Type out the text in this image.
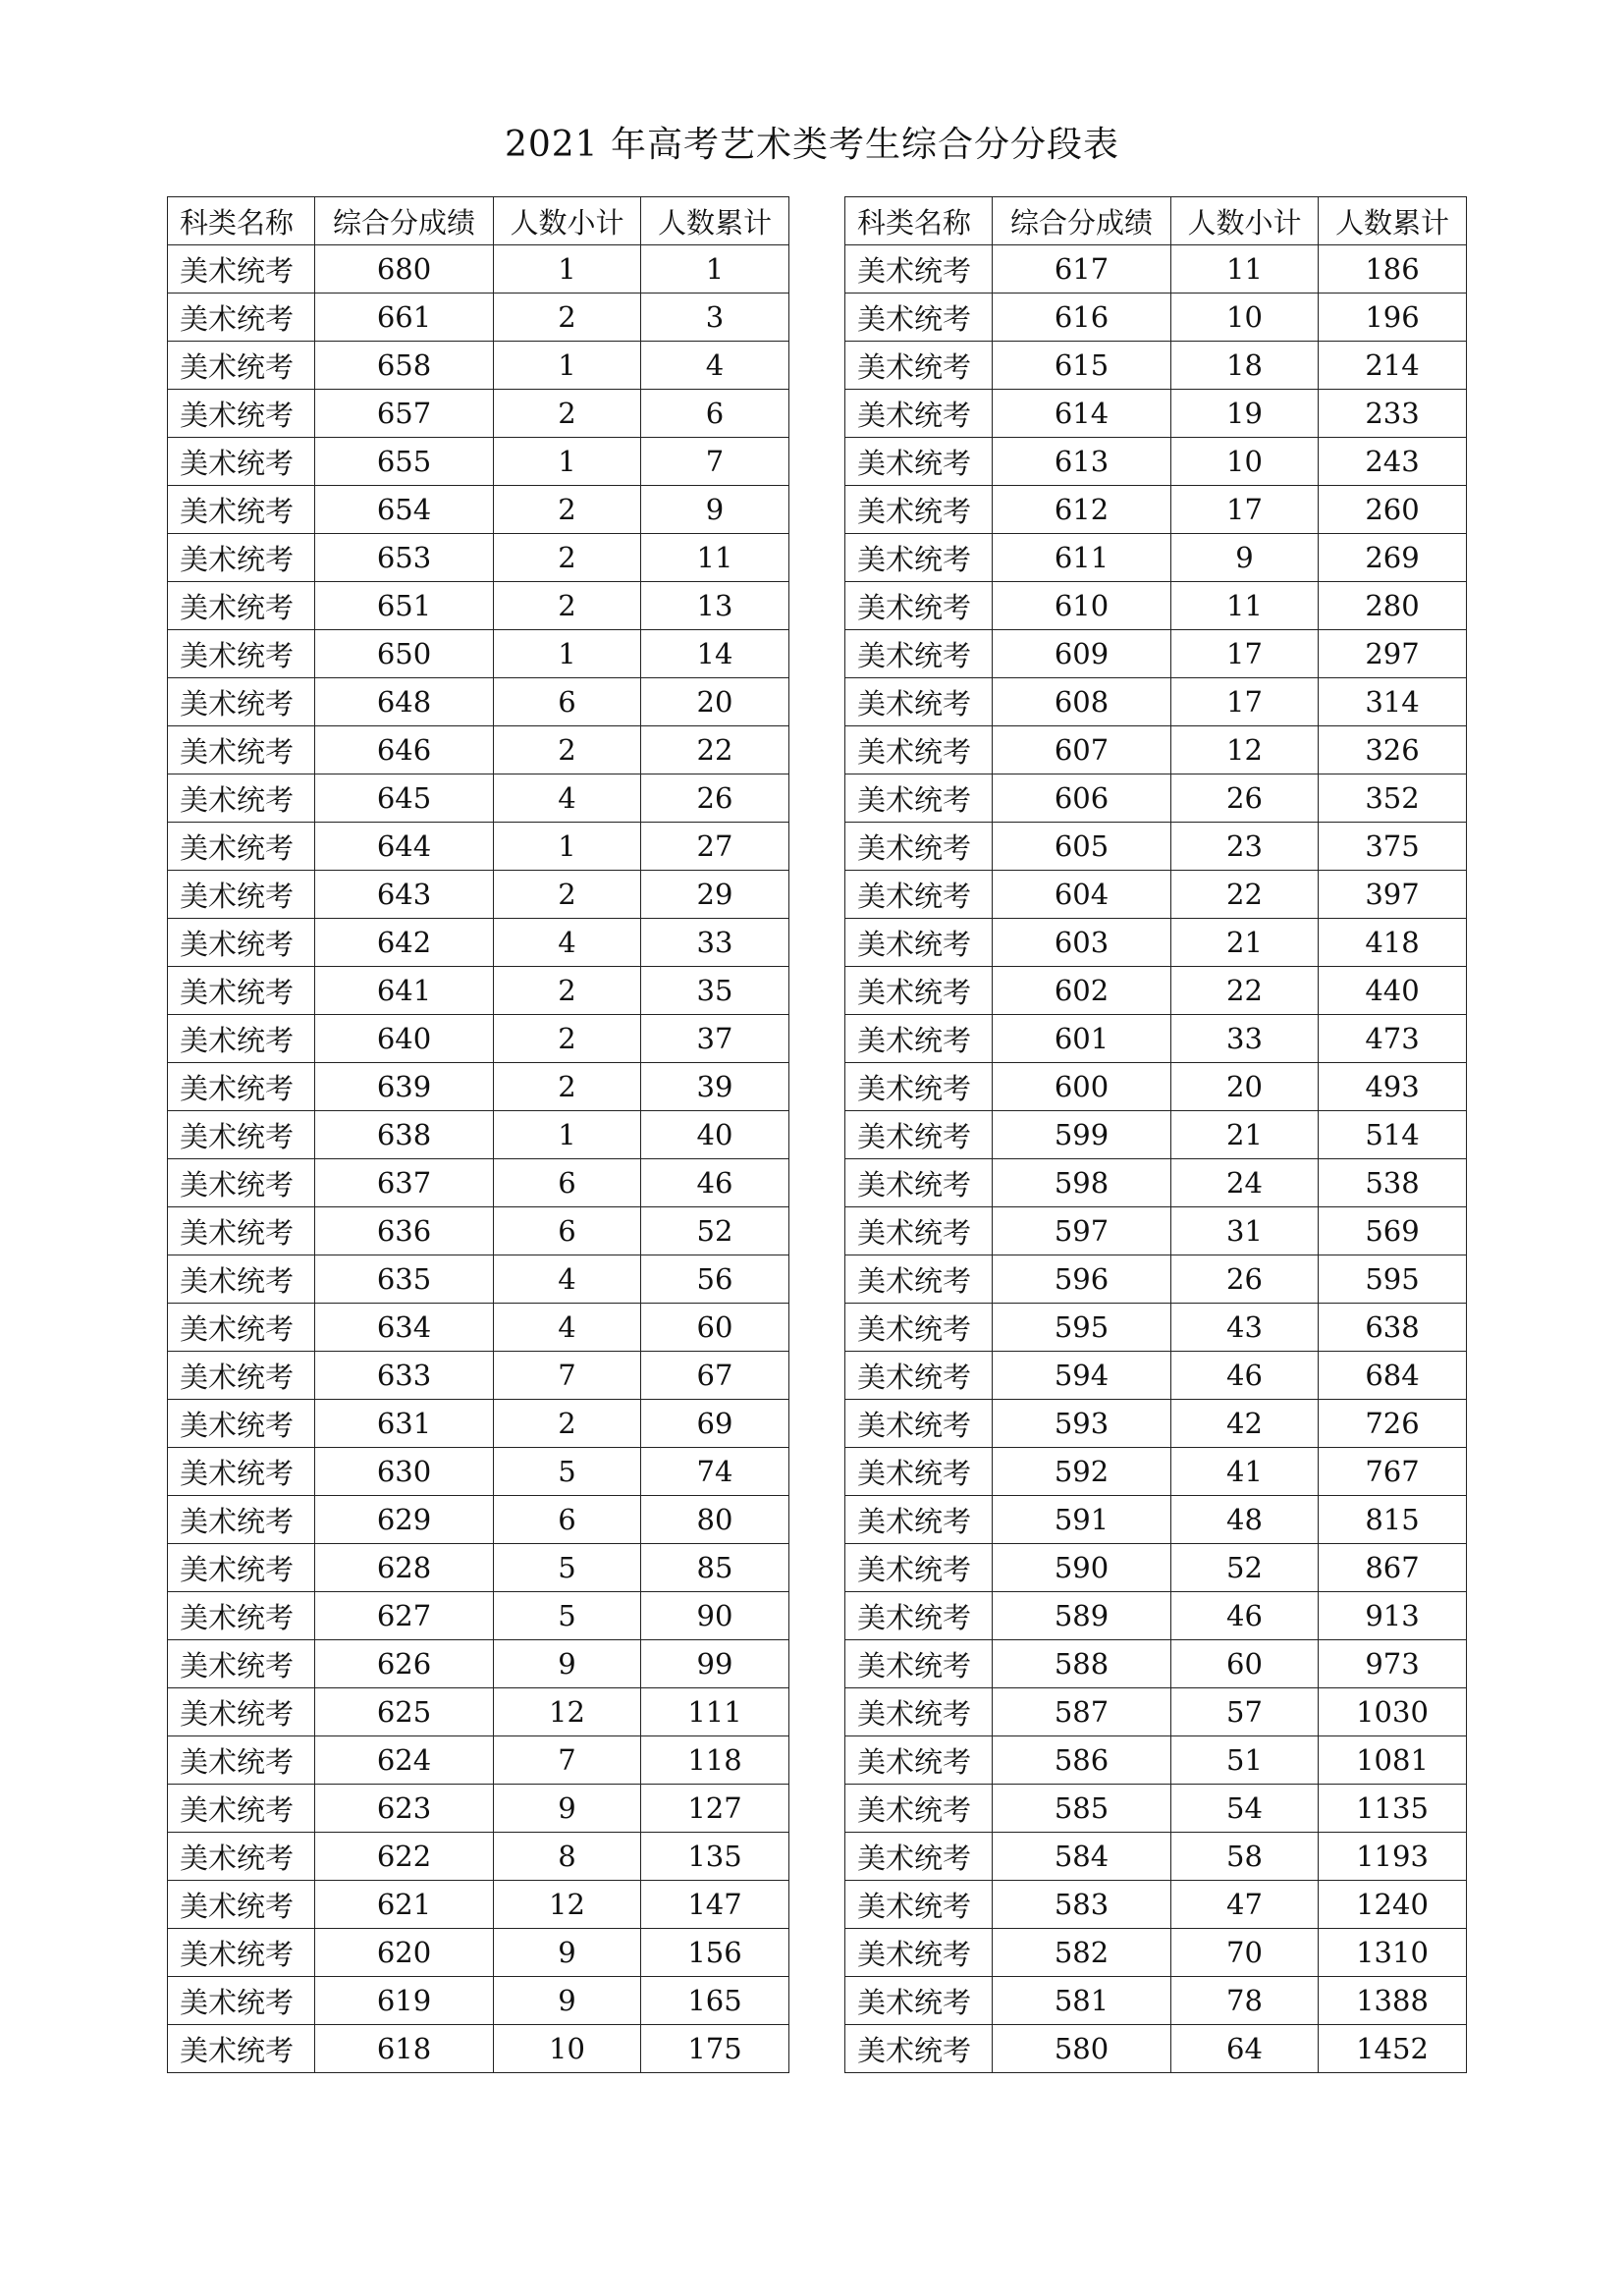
2021 年高考艺术类考生综合分分段表
科类名称	综合分成绩	人数小计	人数累计
美术统考	680	1	1
美术统考	661	2	3
美术统考	658	1	4
美术统考	657	2	6
美术统考	655	1	7
美术统考	654	2	9
美术统考	653	2	11
美术统考	651	2	13
美术统考	650	1	14
美术统考	648	6	20
美术统考	646	2	22
美术统考	645	4	26
美术统考	644	1	27
美术统考	643	2	29
美术统考	642	4	33
美术统考	641	2	35
美术统考	640	2	37
美术统考	639	2	39
美术统考	638	1	40
美术统考	637	6	46
美术统考	636	6	52
美术统考	635	4	56
美术统考	634	4	60
美术统考	633	7	67
美术统考	631	2	69
美术统考	630	5	74
美术统考	629	6	80
美术统考	628	5	85
美术统考	627	5	90
美术统考	626	9	99
美术统考	625	12	111
美术统考	624	7	118
美术统考	623	9	127
美术统考	622	8	135
美术统考	621	12	147
美术统考	620	9	156
美术统考	619	9	165
美术统考	618	10	175
科类名称	综合分成绩	人数小计	人数累计
美术统考	617	11	186
美术统考	616	10	196
美术统考	615	18	214
美术统考	614	19	233
美术统考	613	10	243
美术统考	612	17	260
美术统考	611	9	269
美术统考	610	11	280
美术统考	609	17	297
美术统考	608	17	314
美术统考	607	12	326
美术统考	606	26	352
美术统考	605	23	375
美术统考	604	22	397
美术统考	603	21	418
美术统考	602	22	440
美术统考	601	33	473
美术统考	600	20	493
美术统考	599	21	514
美术统考	598	24	538
美术统考	597	31	569
美术统考	596	26	595
美术统考	595	43	638
美术统考	594	46	684
美术统考	593	42	726
美术统考	592	41	767
美术统考	591	48	815
美术统考	590	52	867
美术统考	589	46	913
美术统考	588	60	973
美术统考	587	57	1030
美术统考	586	51	1081
美术统考	585	54	1135
美术统考	584	58	1193
美术统考	583	47	1240
美术统考	582	70	1310
美术统考	581	78	1388
美术统考	580	64	1452
